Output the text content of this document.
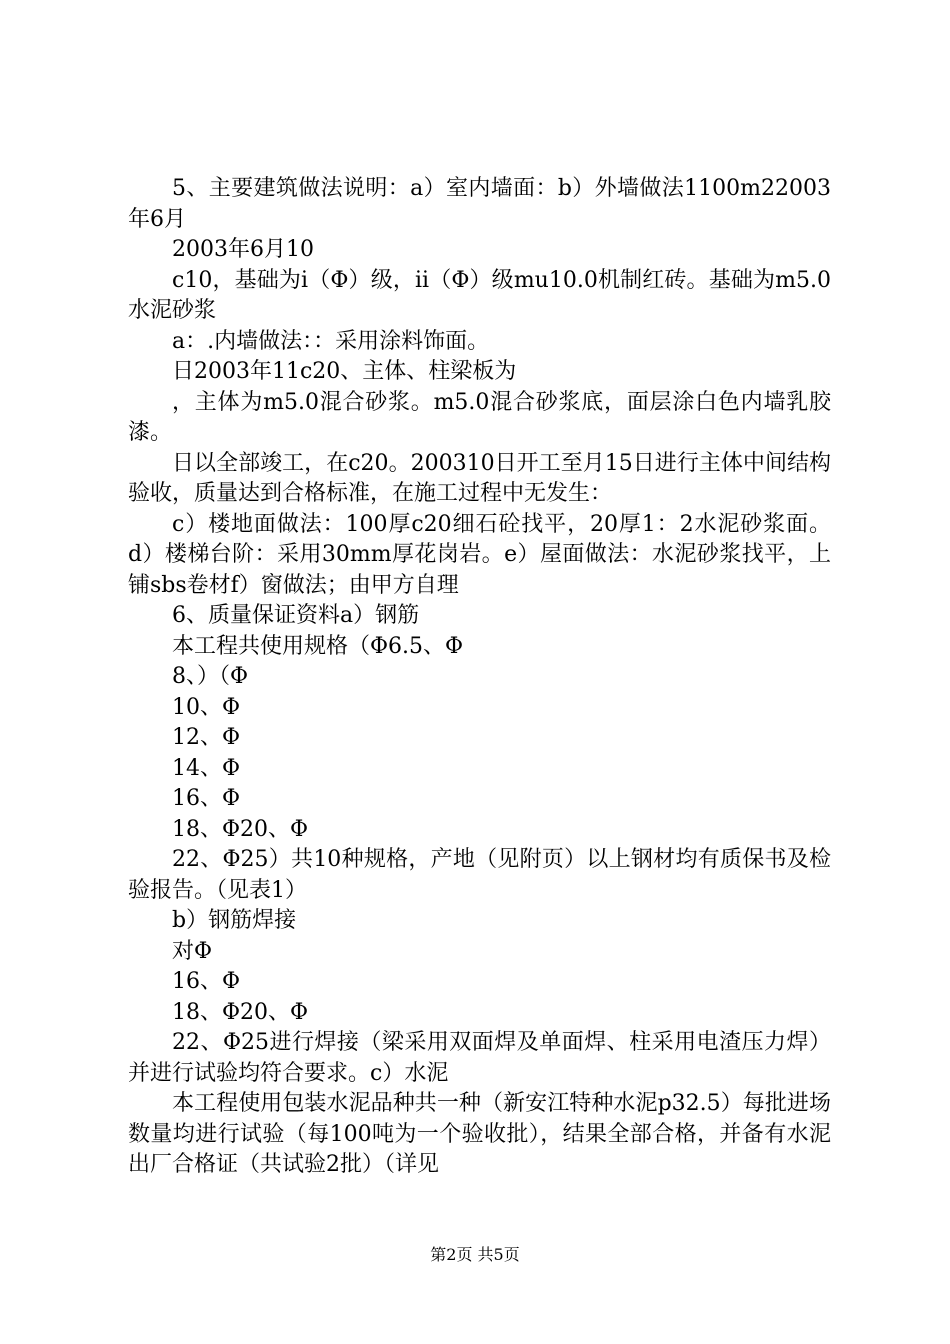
5、主要建筑做法说明：a）室内墙面：b）外墙做法1100m22003年6月

2003年6月10

c10，基础为i（Φ）级，ii（Φ）级mu10.0机制红砖。基础为m5.0水泥砂浆

a：.内墙做法：：采用涂料饰面。

日2003年11c20、主体、柱梁板为

，主体为m5.0混合砂浆。m5.0混合砂浆底，面层涂白色内墙乳胶漆。

日以全部竣工，在c20。200310日开工至月15日进行主体中间结构验收，质量达到合格标准，在施工过程中无发生：

c）楼地面做法：100厚c20细石砼找平，20厚1：2水泥砂浆面。d）楼梯台阶：采用30mm厚花岗岩。e）屋面做法：水泥砂浆找平，上铺sbs卷材f）窗做法；由甲方自理

6、质量保证资料a）钢筋

本工程共使用规格（Φ6.5、Φ

8、）（Φ

10、Φ

12、Φ

14、Φ

16、Φ

18、Φ20、Φ

22、Φ25）共10种规格，产地（见附页）以上钢材均有质保书及检验报告。（见表1）

b）钢筋焊接

对Φ

16、Φ

18、Φ20、Φ

22、Φ25进行焊接（梁采用双面焊及单面焊、柱采用电渣压力焊）并进行试验均符合要求。c）水泥

本工程使用包装水泥品种共一种（新安江特种水泥p32.5）每批进场数量均进行试验（每100吨为一个验收批），结果全部合格，并备有水泥出厂合格证（共试验2批）（详见

第2页 共5页
